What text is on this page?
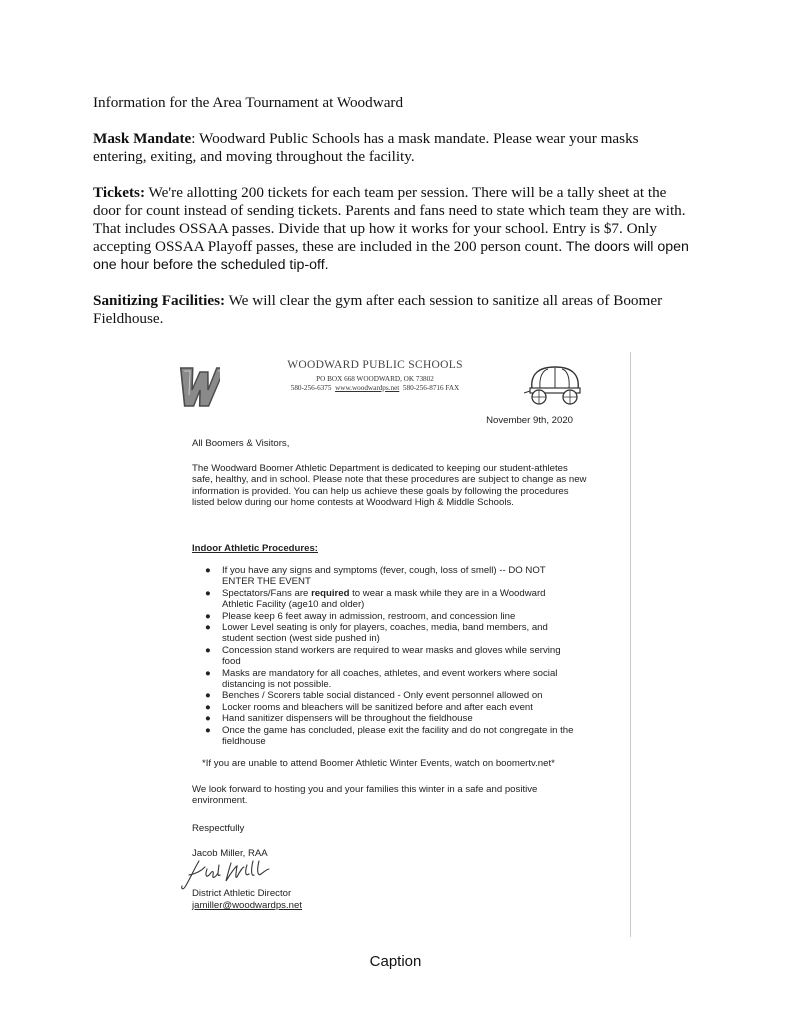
Information for the Area Tournament at Woodward

Mask Mandate: Woodward Public Schools has a mask mandate. Please wear your masks entering, exiting, and moving throughout the facility.

Tickets: We're allotting 200 tickets for each team per session. There will be a tally sheet at the door for count instead of sending tickets. Parents and fans need to state which team they are with. That includes OSSAA passes. Divide that up how it works for your school. Entry is $7. Only accepting OSSAA Playoff passes, these are included in the 200 person count. The doors will open one hour before the scheduled tip-off.

Sanitizing Facilities: We will clear the gym after each session to sanitize all areas of Boomer Fieldhouse.

WOODWARD PUBLIC SCHOOLS
PO BOX 668 WOODWARD, OK 73802
580-256-6375 www.woodwardps.net 580-256-8716 FAX
November 9th, 2020
All Boomers & Visitors,
The Woodward Boomer Athletic Department is dedicated to keeping our student-athletes safe, healthy, and in school. Please note that these procedures are subject to change as new information is provided. You can help us achieve these goals by following the procedures listed below during our home contests at Woodward High & Middle Schools.
Indoor Athletic Procedures:
● If you have any signs and symptoms (fever, cough, loss of smell) -- DO NOT ENTER THE EVENT
● Spectators/Fans are required to wear a mask while they are in a Woodward Athletic Facility (age10 and older)
● Please keep 6 feet away in admission, restroom, and concession line
● Lower Level seating is only for players, coaches, media, band members, and student section (west side pushed in)
● Concession stand workers are required to wear masks and gloves while serving food
● Masks are mandatory for all coaches, athletes, and event workers where social distancing is not possible.
● Benches / Scorers table social distanced - Only event personnel allowed on
● Locker rooms and bleachers will be sanitized before and after each event
● Hand sanitizer dispensers will be throughout the fieldhouse
● Once the game has concluded, please exit the facility and do not congregate in the fieldhouse
*If you are unable to attend Boomer Athletic Winter Events, watch on boomertv.net*
We look forward to hosting you and your families this winter in a safe and positive environment.
Respectfully
Jacob Miller, RAA
District Athletic Director
jamiller@woodwardps.net
Caption
